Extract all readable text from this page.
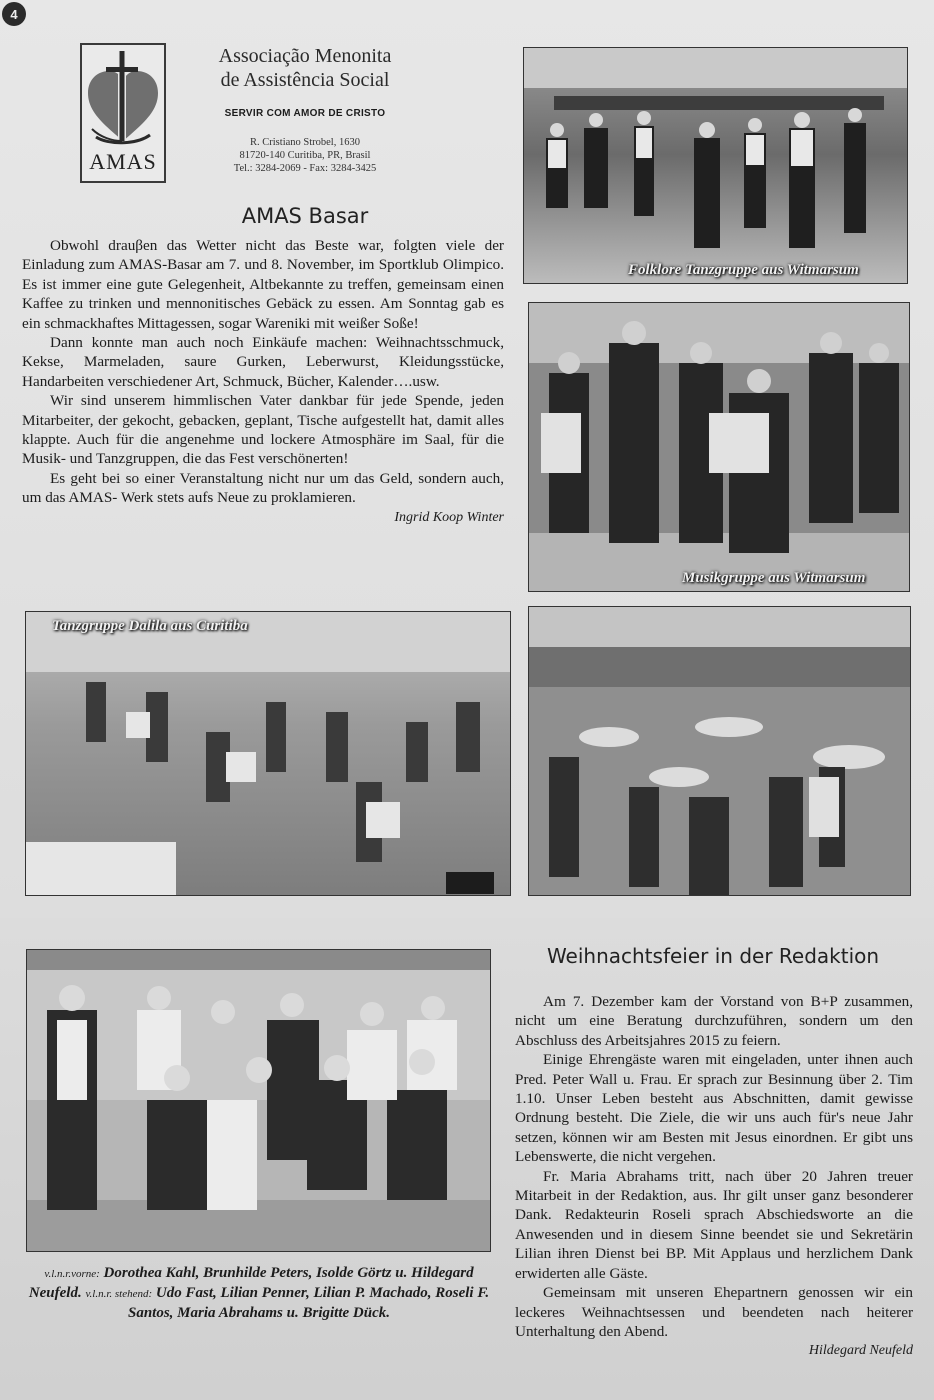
4
AMAS
Associação Menonita
de Assistência Social
SERVIR COM AMOR DE CRISTO
R. Cristiano Strobel, 1630
81720-140 Curitiba, PR, Brasil
Tel.: 3284-2069 - Fax: 3284-3425
AMAS Basar

Obwohl drauβen das Wetter nicht das Beste war, folgten viele der Einladung zum AMAS-Basar am 7. und 8. November, im Sportklub Olimpico. Es ist immer eine gute Gelegenheit, Altbekannte zu treffen, gemeinsam einen Kaffee zu trinken und mennonitisches Gebäck zu essen. Am Sonntag gab es ein schmackhaftes Mittagessen, sogar Wareniki mit weißer Soße!

Dann konnte man auch noch Einkäufe machen: Weihnachtsschmuck, Kekse, Marmeladen, saure Gurken, Leberwurst, Kleidungsstücke, Handarbeiten verschiedener Art, Schmuck, Bücher, Kalender….usw.

Wir sind unserem himmlischen Vater dankbar für jede Spende, jeden Mitarbeiter, der gekocht, gebacken, geplant, Tische aufgestellt hat, damit alles klappte. Auch für die angenehme und lockere Atmosphäre im Saal, für die Musik- und Tanzgruppen, die das Fest verschönerten!

Es geht bei so einer Veranstaltung nicht nur um das Geld, sondern auch, um das AMAS- Werk stets aufs Neue zu proklamieren.

Ingrid Koop Winter
Folklore Tanzgruppe aus Witmarsum
Musikgruppe aus Witmarsum
Tanzgruppe Dalila aus Curitiba
v.l.n.r.vorne: Dorothea Kahl, Brunhilde Peters, Isolde Görtz u. Hildegard Neufeld. v.l.n.r. stehend: Udo Fast, Lilian Penner, Lilian P. Machado, Roseli F. Santos, Maria Abrahams u. Brigitte Dück.
Weihnachtsfeier in der Redaktion

Am 7. Dezember kam der Vorstand von B+P zusammen, nicht um eine Beratung durchzuführen, sondern um den Abschluss des Arbeitsjahres 2015 zu feiern.

Einige Ehrengäste waren mit eingeladen, unter ihnen auch Pred. Peter Wall u. Frau. Er sprach zur Besinnung über 2. Tim 1.10. Unser Leben besteht aus Abschnitten, damit gewisse Ordnung besteht. Die Ziele, die wir uns auch für's neue Jahr setzen, können wir am Besten mit Jesus einordnen. Er gibt uns Lebenswerte, die nicht vergehen.

Fr. Maria Abrahams tritt, nach über 20 Jahren treuer Mitarbeit in der Redaktion, aus. Ihr gilt unser ganz besonderer Dank. Redakteurin Roseli sprach Abschiedsworte an die Anwesenden und in diesem Sinne beendet sie und Sekretärin Lilian ihren Dienst bei BP. Mit Applaus und herzlichem Dank erwiderten alle Gäste.

Gemeinsam mit unseren Ehepartnern genossen wir ein leckeres Weihnachtsessen und beendeten nach heiterer Unterhaltung den Abend.

Hildegard Neufeld
